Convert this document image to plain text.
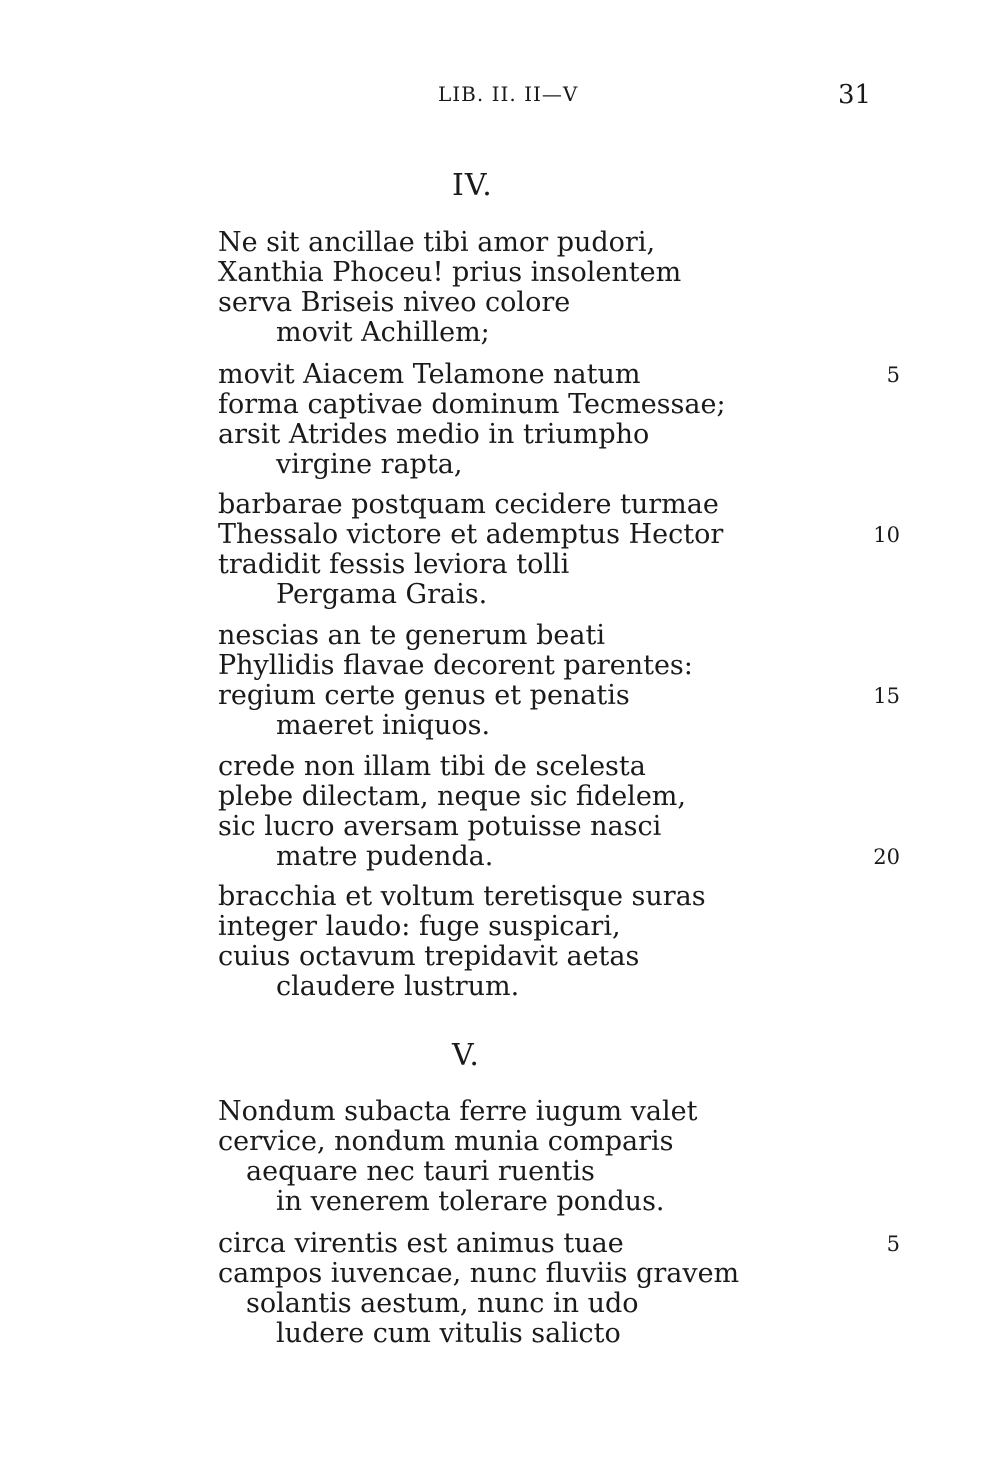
LIB. II. II—V	31
IV.
Ne sit ancillae tibi amor pudori,
Xanthia Phoceu! prius insolentem
serva Briseis niveo colore
movit Achillem;
movit Aiacem Telamone natum	5
forma captivae dominum Tecmessae;
arsit Atrides medio in triumpho
virgine rapta,
barbarae postquam cecidere turmae
Thessalo victore et ademptus Hector	10
tradidit fessis leviora tolli
Pergama Grais.
nescias an te generum beati
Phyllidis flavae decorent parentes:
regium certe genus et penatis	15
maeret iniquos.
crede non illam tibi de scelesta
plebe dilectam, neque sic fidelem,
sic lucro aversam potuisse nasci
matre pudenda.	20
bracchia et voltum teretisque suras
integer laudo: fuge suspicari,
cuius octavum trepidavit aetas
claudere lustrum.
V.
Nondum subacta ferre iugum valet
cervice, nondum munia comparis
aequare nec tauri ruentis
in venerem tolerare pondus.
circa virentis est animus tuae	5
campos iuvencae, nunc fluviis gravem
solantis aestum, nunc in udo
ludere cum vitulis salicto
